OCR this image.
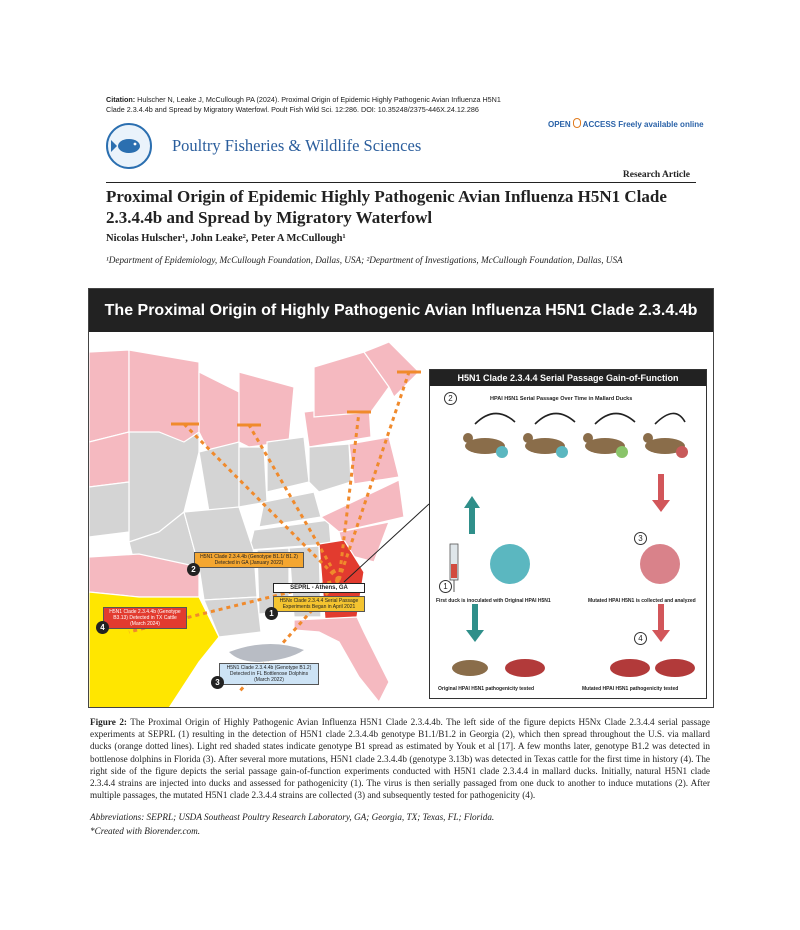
Citation: Hulscher N, Leake J, McCullough PA (2024). Proximal Origin of Epidemic Highly Pathogenic Avian Influenza H5N1 Clade 2.3.4.4b and Spread by Migratory Waterfowl. Poult Fish Wild Sci. 12:286. DOI: 10.35248/2375-446X.24.12.286
OPEN ACCESS Freely available online
Poultry Fisheries & Wildlife Sciences
Research Article
Proximal Origin of Epidemic Highly Pathogenic Avian Influenza H5N1 Clade 2.3.4.4b and Spread by Migratory Waterfowl
Nicolas Hulscher¹, John Leake², Peter A McCullough¹
¹Department of Epidemiology, McCullough Foundation, Dallas, USA; ²Department of Investigations, McCullough Foundation, Dallas, USA
The Proximal Origin of Highly Pathogenic Avian Influenza H5N1 Clade 2.3.4.4b
H5N1 Clade 2.3.4.4b (Genotype B1.1/ B1.2) Detected in GA (January 2022)
2
SEPRL - Athens, GA
H5Nx Clade 2.3.4.4 Serial Passage Experiments Began in April 2021
1
H5N1 Clade 2.3.4.4b (Genotype B3.13) Detected in TX Cattle (March 2024)
4
H5N1 Clade 2.3.4.4b (Genotype B1.2) Detected in FL Bottlenose Dolphins (March 2022)
3
H5N1 Clade 2.3.4.4 Serial Passage Gain-of-Function
2	HPAI H5N1 Serial Passage Over Time in Mallard Ducks
1
3
4
First duck is inoculated with Original HPAI H5N1	Mutated HPAI H5N1 is collected and analyzed
Original HPAI H5N1 pathogenicity tested	Mutated HPAI H5N1 pathogenicity tested
Figure 2: The Proximal Origin of Highly Pathogenic Avian Influenza H5N1 Clade 2.3.4.4b. The left side of the figure depicts H5Nx Clade 2.3.4.4 serial passage experiments at SEPRL (1) resulting in the detection of H5N1 clade 2.3.4.4b genotype B1.1/B1.2 in Georgia (2), which then spread throughout the U.S. via mallard ducks (orange dotted lines). Light red shaded states indicate genotype B1 spread as estimated by Youk et al [17]. A few months later, genotype B1.2 was detected in bottlenose dolphins in Florida (3). After several more mutations, H5N1 clade 2.3.4.4b (genotype 3.13b) was detected in Texas cattle for the first time in history (4). The right side of the figure depicts the serial passage gain-of-function experiments conducted with H5N1 clade 2.3.4.4 in mallard ducks. Initially, natural H5N1 clade 2.3.4.4 strains are injected into ducks and assessed for pathogenicity (1). The virus is then serially passaged from one duck to another to induce mutations (2). After multiple passages, the mutated H5N1 clade 2.3.4.4 strains are collected (3) and subsequently tested for pathogenicity (4).
Abbreviations: SEPRL; USDA Southeast Poultry Research Laboratory, GA; Georgia, TX; Texas, FL; Florida.
*Created with Biorender.com.
